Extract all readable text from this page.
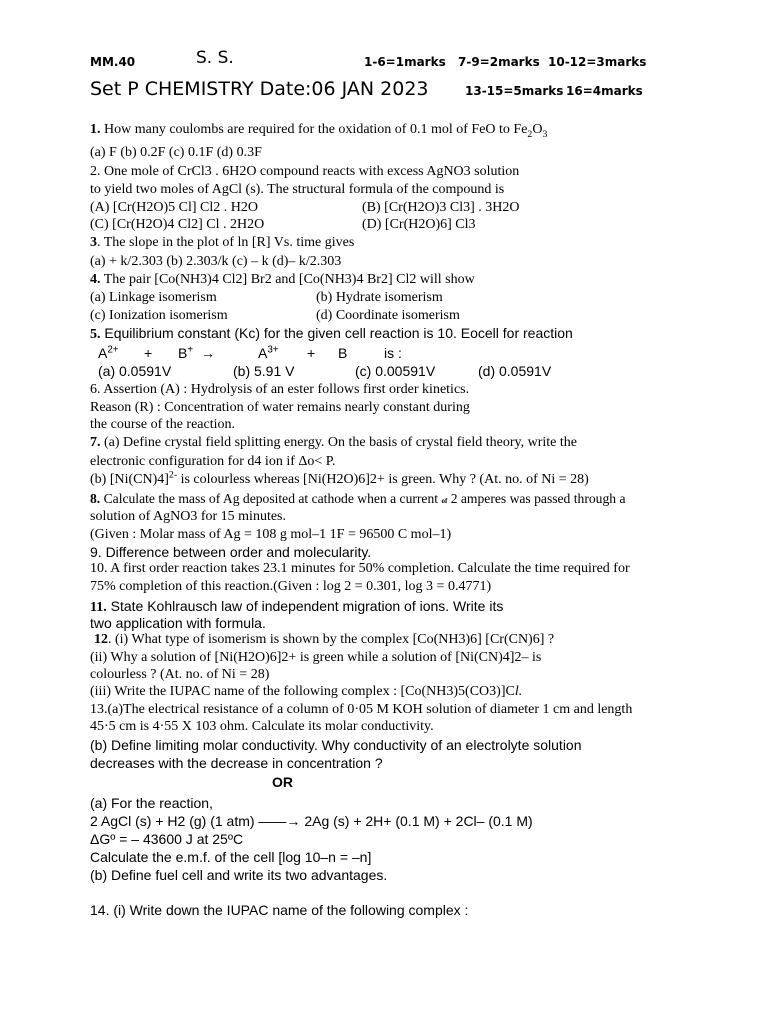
MM.40	S. S.	1-6=1marks 7-9=2marks 10-12=3marks
Set P CHEMISTRY Date:06 JAN 2023	13-15=5marks 16=4marks
1. How many coulombs are required for the oxidation of 0.1 mol of FeO to $Fe_2O_3$
(a) F (b) 0.2F (c) 0.1F (d) 0.3F
2. One mole of CrCl3 . 6H2O compound reacts with excess AgNO3 solution
to yield two moles of AgCl (s). The structural formula of the compound is
(A) [Cr(H2O)5 Cl] Cl2 . H2O	(B) [Cr(H2O)3 Cl3] . 3H2O
(C) [Cr(H2O)4 Cl2] Cl . 2H2O	(D) [Cr(H2O)6] Cl3
3. The slope in the plot of ln [R] Vs. time gives
(a) + k/2.303 (b) 2.303/k (c) – k (d)– k/2.303
4. The pair [Co(NH3)4 Cl2] Br2 and [Co(NH3)4 Br2] Cl2 will show
(a) Linkage isomerism	(b) Hydrate isomerism
(c) Ionization isomerism	(d) Coordinate isomerism
5. Equilibrium constant (Kc) for the given cell reaction is 10. Eocell for reaction
$A^{2+} + B^+$ →	$A^{3+} + B$	is :
(a) 0.0591V	(b) 5.91 V	(c) 0.00591V	(d) 0.0591V
6. Assertion (A) : Hydrolysis of an ester follows first order kinetics.
Reason (R) : Concentration of water remains nearly constant during
the course of the reaction.
7. (a) Define crystal field splitting energy. On the basis of crystal field theory, write the
electronic configuration for d4 ion if Δo< P.
(b) $[Ni(CN)4]^{2-}$ is colourless whereas [Ni(H2O)6]2+ is green. Why ? (At. no. of Ni = 28)
8. Calculate the mass of Ag deposited at cathode when a current of 2 amperes was passed through a
solution of AgNO3 for 15 minutes.
(Given : Molar mass of Ag = 108 g mol–1 1F = 96500 C mol–1)
9. Difference between order and molecularity.
10. A first order reaction takes 23.1 minutes for 50% completion. Calculate the time required for
75% completion of this reaction.(Given : log 2 = 0.301, log 3 = 0.4771)
11. State Kohlrausch law of independent migration of ions. Write its
two application with formula.
12. (i) What type of isomerism is shown by the complex [Co(NH3)6] [Cr(CN)6] ?
(ii) Why a solution of [Ni(H2O)6]2+ is green while a solution of [Ni(CN)4]2– is
colourless ? (At. no. of Ni = 28)
(iii) Write the IUPAC name of the following complex : [Co(NH3)5(CO3)]Cl.
13.(a)The electrical resistance of a column of 0·05 M KOH solution of diameter 1 cm and length
45·5 cm is 4·55 X 103 ohm. Calculate its molar conductivity.
(b) Define limiting molar conductivity. Why conductivity of an electrolyte solution
decreases with the decrease in concentration ?
OR
(a) For the reaction,
2 AgCl (s) + H2 (g) (1 atm) ——→ 2Ag (s) + 2H+ (0.1 M) + 2Cl– (0.1 M)
ΔGº = – 43600 J at 25ºC
Calculate the e.m.f. of the cell [log 10–n = –n]
(b) Define fuel cell and write its two advantages.
14. (i) Write down the IUPAC name of the following complex :
